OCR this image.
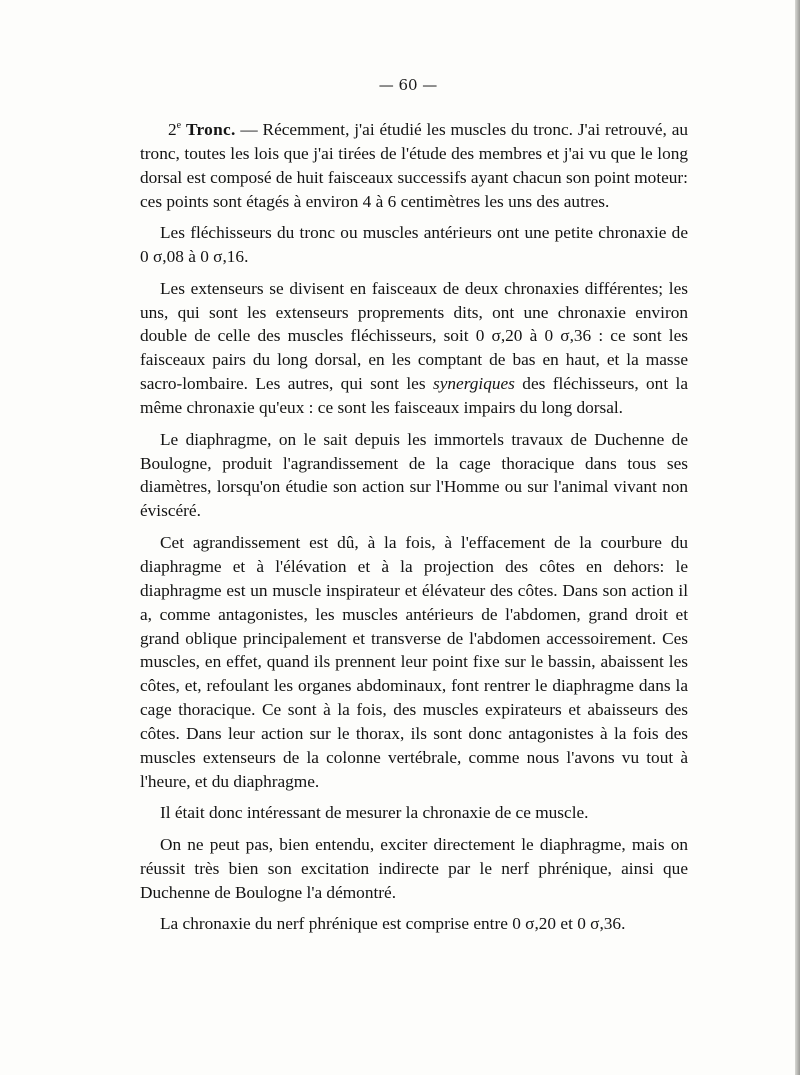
— 60 —

2e Tronc. — Récemment, j'ai étudié les muscles du tronc. J'ai retrouvé, au tronc, toutes les lois que j'ai tirées de l'étude des membres et j'ai vu que le long dorsal est composé de huit faisceaux successifs ayant chacun son point moteur: ces points sont étagés à environ 4 à 6 centimètres les uns des autres.

Les fléchisseurs du tronc ou muscles antérieurs ont une petite chronaxie de 0 σ,08 à 0 σ,16.

Les extenseurs se divisent en faisceaux de deux chronaxies différentes; les uns, qui sont les extenseurs proprements dits, ont une chronaxie environ double de celle des muscles fléchisseurs, soit 0 σ,20 à 0 σ,36 : ce sont les faisceaux pairs du long dorsal, en les comptant de bas en haut, et la masse sacro-lombaire. Les autres, qui sont les synergiques des fléchisseurs, ont la même chronaxie qu'eux : ce sont les faisceaux impairs du long dorsal.

Le diaphragme, on le sait depuis les immortels travaux de Duchenne de Boulogne, produit l'agrandissement de la cage thoracique dans tous ses diamètres, lorsqu'on étudie son action sur l'Homme ou sur l'animal vivant non éviscéré.

Cet agrandissement est dû, à la fois, à l'effacement de la courbure du diaphragme et à l'élévation et à la projection des côtes en dehors: le diaphragme est un muscle inspirateur et élévateur des côtes. Dans son action il a, comme antagonistes, les muscles antérieurs de l'abdomen, grand droit et grand oblique principalement et transverse de l'abdomen accessoirement. Ces muscles, en effet, quand ils prennent leur point fixe sur le bassin, abaissent les côtes, et, refoulant les organes abdominaux, font rentrer le diaphragme dans la cage thoracique. Ce sont à la fois, des muscles expirateurs et abaisseurs des côtes. Dans leur action sur le thorax, ils sont donc antagonistes à la fois des muscles extenseurs de la colonne vertébrale, comme nous l'avons vu tout à l'heure, et du diaphragme.

Il était donc intéressant de mesurer la chronaxie de ce muscle.

On ne peut pas, bien entendu, exciter directement le diaphragme, mais on réussit très bien son excitation indirecte par le nerf phrénique, ainsi que Duchenne de Boulogne l'a démontré.

La chronaxie du nerf phrénique est comprise entre 0 σ,20 et 0 σ,36.
